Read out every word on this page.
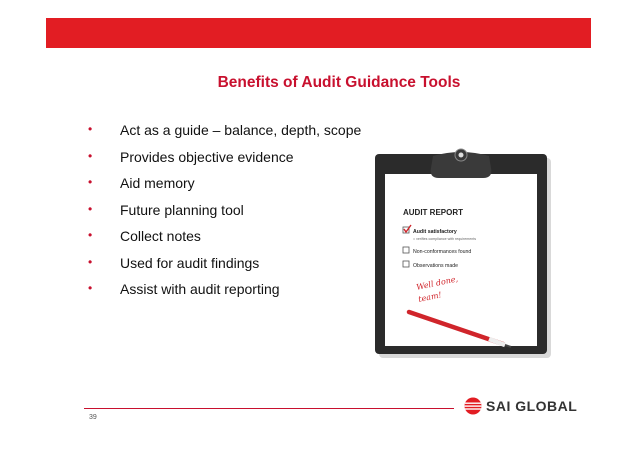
Benefits of Audit Guidance Tools
• Act as a guide – balance, depth, scope
• Provides objective evidence
• Aid memory
• Future planning tool
• Collect notes
• Used for audit findings
• Assist with audit reporting
AUDIT REPORT
Audit satisfactory
= verifies compliance with requirements
Non-conformances found
Observations made
Well done,
team!
39
SAI GLOBAL
